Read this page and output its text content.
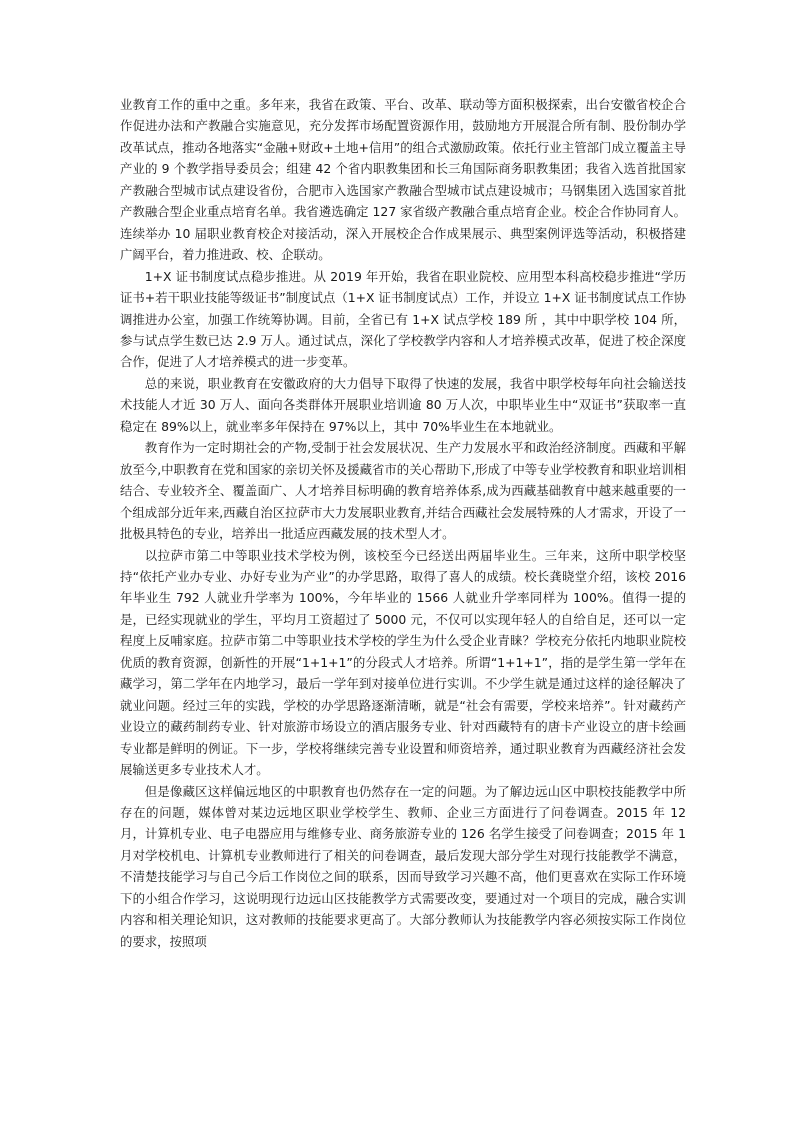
业教育工作的重中之重。多年来，我省在政策、平台、改革、联动等方面积极探索，出台安徽省校企合作促进办法和产教融合实施意见，充分发挥市场配置资源作用，鼓励地方开展混合所有制、股份制办学改革试点，推动各地落实“金融+财政+土地+信用”的组合式激励政策。依托行业主管部门成立覆盖主导产业的 9 个教学指导委员会；组建 42 个省内职教集团和长三角国际商务职教集团；我省入选首批国家产教融合型城市试点建设省份，合肥市入选国家产教融合型城市试点建设城市；马钢集团入选国家首批产教融合型企业重点培育名单。我省遴选确定 127 家省级产教融合重点培育企业。校企合作协同育人。连续举办 10 届职业教育校企对接活动，深入开展校企合作成果展示、典型案例评选等活动，积极搭建广阔平台，着力推进政、校、企联动。

1+X 证书制度试点稳步推进。从 2019 年开始，我省在职业院校、应用型本科高校稳步推进“学历证书+若干职业技能等级证书”制度试点（1+X 证书制度试点）工作，并设立 1+X 证书制度试点工作协调推进办公室，加强工作统筹协调。目前，全省已有 1+X 试点学校 189 所 ，其中中职学校 104 所，参与试点学生数已达 2.9 万人。通过试点，深化了学校教学内容和人才培养模式改革，促进了校企深度合作，促进了人才培养模式的进一步变革。

总的来说，职业教育在安徽政府的大力倡导下取得了快速的发展，我省中职学校每年向社会输送技术技能人才近 30 万人、面向各类群体开展职业培训逾 80 万人次，中职毕业生中“双证书”获取率一直稳定在 89%以上，就业率多年保持在 97%以上，其中 70%毕业生在本地就业。

教育作为一定时期社会的产物,受制于社会发展状况、生产力发展水平和政治经济制度。西藏和平解放至今,中职教育在党和国家的亲切关怀及援藏省市的关心帮助下,形成了中等专业学校教育和职业培训相结合、专业较齐全、覆盖面广、人才培养目标明确的教育培养体系,成为西藏基础教育中越来越重要的一个组成部分近年来,西藏自治区拉萨市大力发展职业教育,并结合西藏社会发展特殊的人才需求，开设了一批极具特色的专业，培养出一批适应西藏发展的技术型人才。

以拉萨市第二中等职业技术学校为例，该校至今已经送出两届毕业生。三年来，这所中职学校坚持“依托产业办专业、办好专业为产业”的办学思路，取得了喜人的成绩。校长龚晓堂介绍，该校 2016 年毕业生 792 人就业升学率为 100%，今年毕业的 1566 人就业升学率同样为 100%。值得一提的是，已经实现就业的学生，平均月工资超过了 5000 元，不仅可以实现年轻人的自给自足，还可以一定程度上反哺家庭。拉萨市第二中等职业技术学校的学生为什么受企业青睐？学校充分依托内地职业院校优质的教育资源，创新性的开展“1+1+1”的分段式人才培养。所谓“1+1+1”，指的是学生第一学年在藏学习，第二学年在内地学习，最后一学年到对接单位进行实训。不少学生就是通过这样的途径解决了就业问题。经过三年的实践，学校的办学思路逐渐清晰，就是“社会有需要，学校来培养”。针对藏药产业设立的藏药制药专业、针对旅游市场设立的酒店服务专业、针对西藏特有的唐卡产业设立的唐卡绘画专业都是鲜明的例证。下一步，学校将继续完善专业设置和师资培养，通过职业教育为西藏经济社会发展输送更多专业技术人才。

但是像藏区这样偏远地区的中职教育也仍然存在一定的问题。为了解边远山区中职校技能教学中所存在的问题，媒体曾对某边远地区职业学校学生、教师、企业三方面进行了问卷调查。2015 年 12 月，计算机专业、电子电器应用与维修专业、商务旅游专业的 126 名学生接受了问卷调查；2015 年 1 月对学校机电、计算机专业教师进行了相关的问卷调查，最后发现大部分学生对现行技能教学不满意，不清楚技能学习与自己今后工作岗位之间的联系，因而导致学习兴趣不高，他们更喜欢在实际工作环境下的小组合作学习，这说明现行边远山区技能教学方式需要改变，要通过对一个项目的完成，融合实训内容和相关理论知识，这对教师的技能要求更高了。大部分教师认为技能教学内容必须按实际工作岗位的要求，按照项
